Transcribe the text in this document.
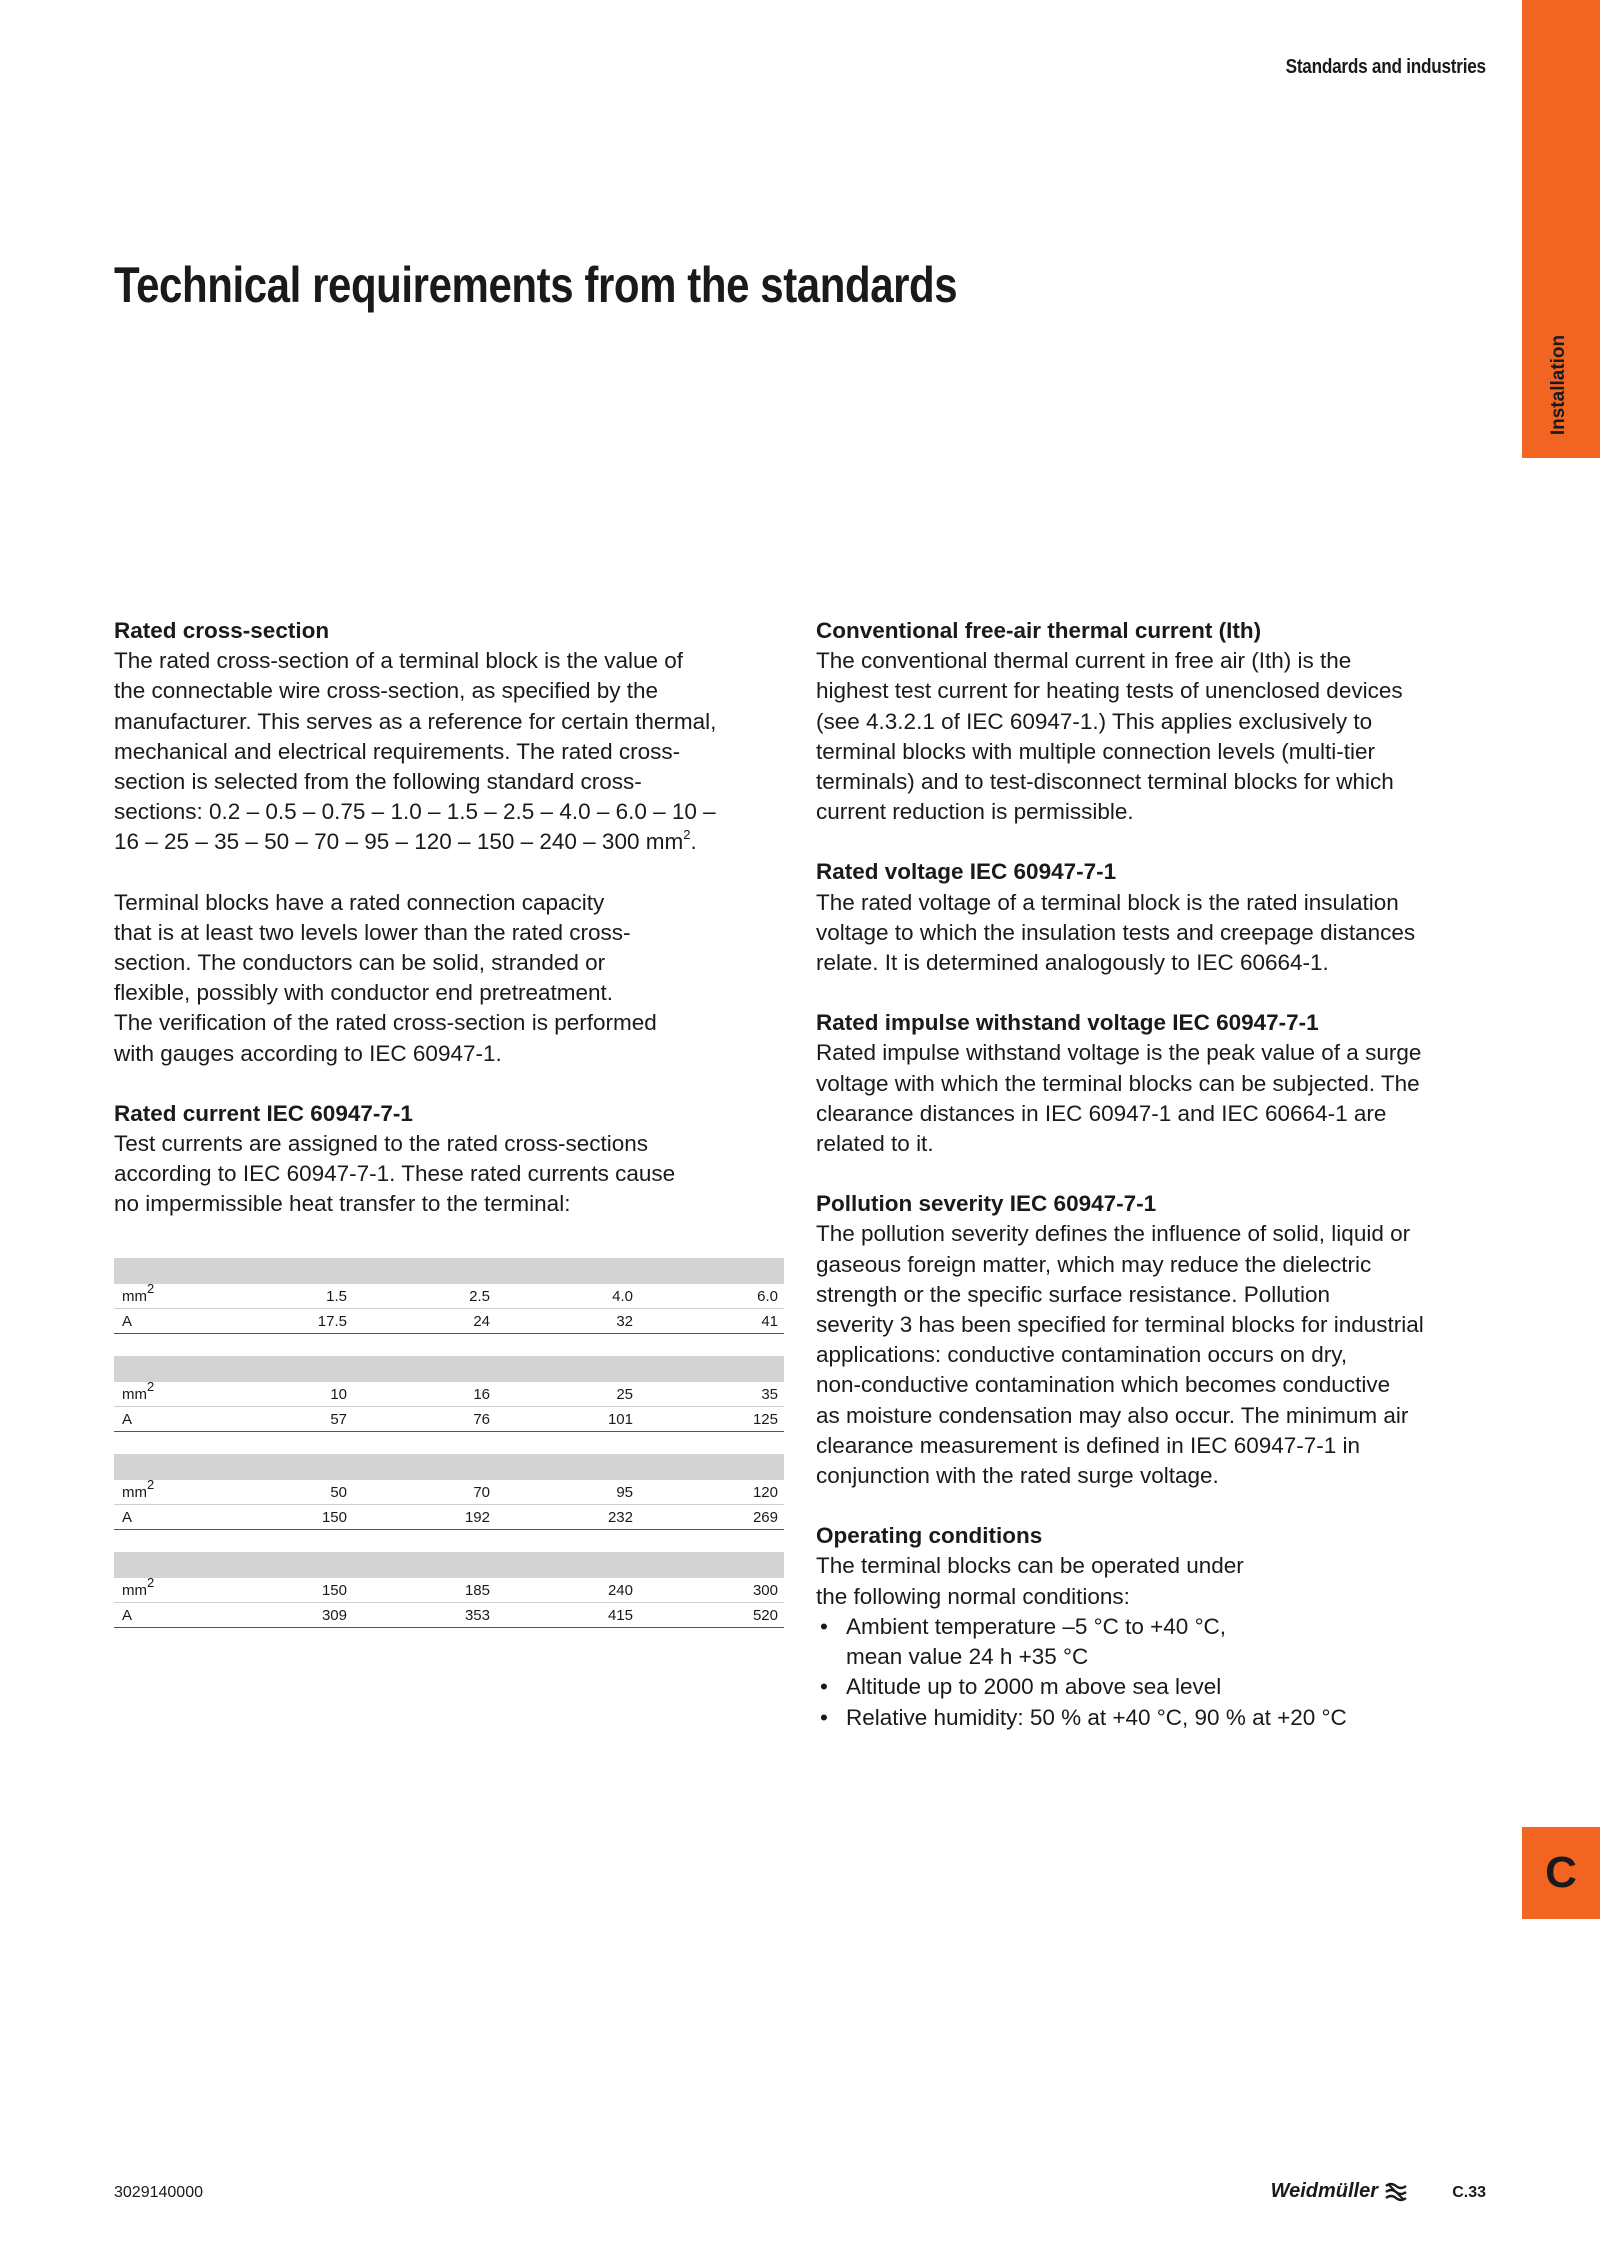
Standards and industries
Installation
C
Technical requirements from the standards

Rated cross-section

The rated cross-section of a terminal block is the value of
the connectable wire cross-section, as specified by the
manufacturer. This serves as a reference for certain thermal,
mechanical and electrical requirements. The rated cross-
section is selected from the following standard cross-
sections: 0.2 – 0.5 – 0.75 – 1.0 – 1.5 – 2.5 – 4.0 – 6.0 – 10 –
16 – 25 – 35 – 50 – 70 – 95 – 120 – 150 – 240 – 300 $mm^2$.

Terminal blocks have a rated connection capacity
that is at least two levels lower than the rated cross-
section. The conductors can be solid, stranded or
flexible, possibly with conductor end pretreatment.
The verification of the rated cross-section is performed
with gauges according to IEC 60947-1.

Rated current IEC 60947-7-1

Test currents are assigned to the rated cross-sections
according to IEC 60947-7-1. These rated currents cause
no impermissible heat transfer to the terminal:

$mm^2$	1.5	2.5	4.0	6.0
A	17.5	24	32	41
$mm^2$	10	16	25	35
A	57	76	101	125
$mm^2$	50	70	95	120
A	150	192	232	269
$mm^2$	150	185	240	300
A	309	353	415	520

Conventional free-air thermal current (Ith)

The conventional thermal current in free air (Ith) is the
highest test current for heating tests of unenclosed devices
(see 4.3.2.1 of IEC 60947-1.) This applies exclusively to
terminal blocks with multiple connection levels (multi-tier
terminals) and to test-disconnect terminal blocks for which
current reduction is permissible.

Rated voltage IEC 60947-7-1

The rated voltage of a terminal block is the rated insulation
voltage to which the insulation tests and creepage distances
relate. It is determined analogously to IEC 60664-1.

Rated impulse withstand voltage IEC 60947-7-1

Rated impulse withstand voltage is the peak value of a surge
voltage with which the terminal blocks can be subjected. The
clearance distances in IEC 60947-1 and IEC 60664-1 are
related to it.

Pollution severity IEC 60947-7-1

The pollution severity defines the influence of solid, liquid or
gaseous foreign matter, which may reduce the dielectric
strength or the specific surface resistance. Pollution
severity 3 has been specified for terminal blocks for industrial
applications: conductive contamination occurs on dry,
non-conductive contamination which becomes conductive
as moisture condensation may also occur. The minimum air
clearance measurement is defined in IEC 60947-7-1 in
conjunction with the rated surge voltage.

Operating conditions

The terminal blocks can be operated under
the following normal conditions:

• Ambient temperature –5 °C to +40 °C,
mean value 24 h +35 °C
• Altitude up to 2000 m above sea level
• Relative humidity: 50 % at +40 °C, 90 % at +20 °C
3029140000	Weidmüller	C.33
